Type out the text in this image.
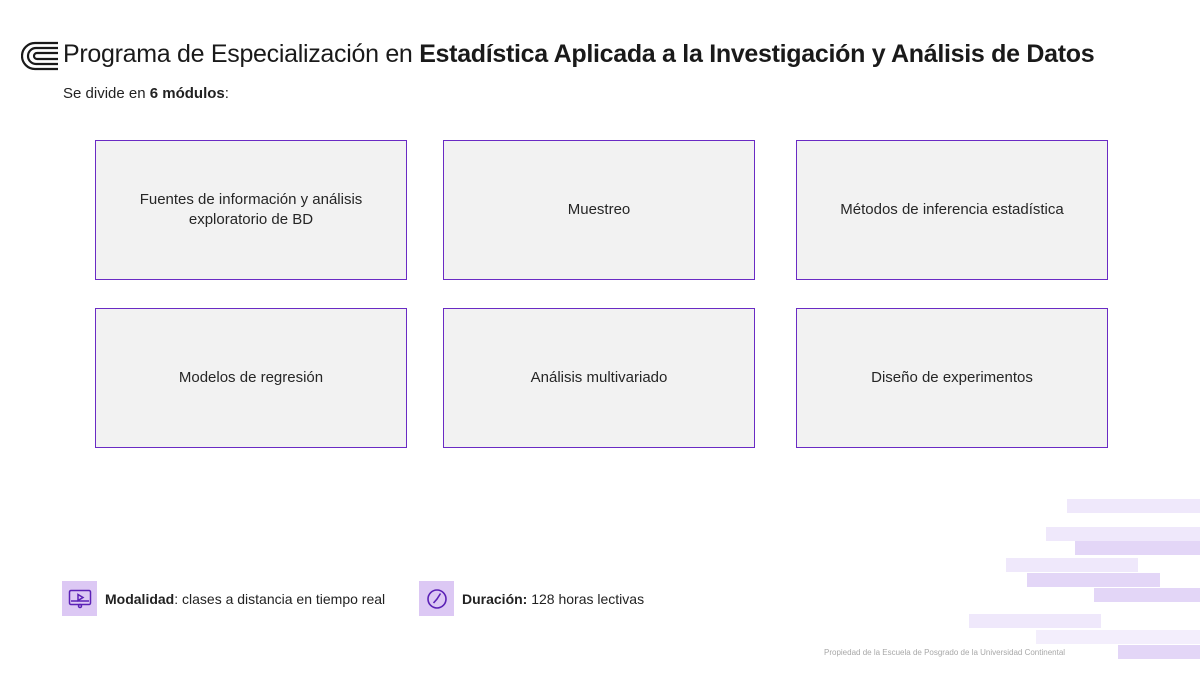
Programa de Especialización en Estadística Aplicada a la Investigación y Análisis de Datos
Se divide en 6 módulos:
Fuentes de información y análisis exploratorio de BD
Muestreo	Métodos de inferencia estadística
Modelos de regresión	Análisis multivariado	Diseño de experimentos
Modalidad: clases a distancia en tiempo real	Duración: 128 horas lectivas
Propiedad de la Escuela de Posgrado de la Universidad Continental
